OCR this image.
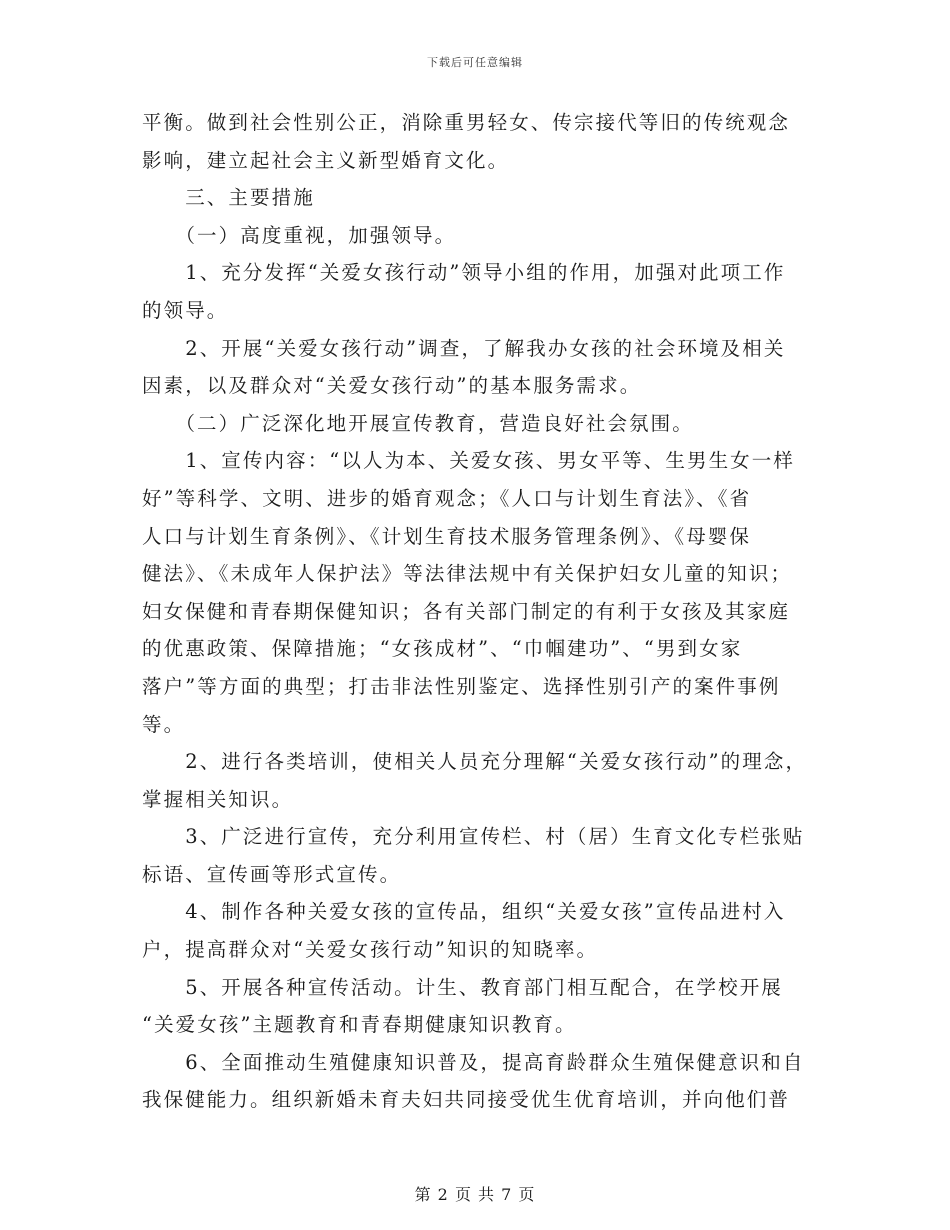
下载后可任意编辑
平衡。做到社会性别公正，消除重男轻女、传宗接代等旧的传统观念
影响，建立起社会主义新型婚育文化。
　　三、主要措施
　　（一）高度重视，加强领导。
　　1、充分发挥“关爱女孩行动”领导小组的作用，加强对此项工作
的领导。
　　2、开展“关爱女孩行动”调查，了解我办女孩的社会环境及相关
因素，以及群众对“关爱女孩行动”的基本服务需求。
　　（二）广泛深化地开展宣传教育，营造良好社会氛围。
　　1、宣传内容：“以人为本、关爱女孩、男女平等、生男生女一样
好”等科学、文明、进步的婚育观念；《人口与计划生育法》、《省
人口与计划生育条例》、《计划生育技术服务管理条例》、《母婴保
健法》、《未成年人保护法》等法律法规中有关保护妇女儿童的知识；
妇女保健和青春期保健知识；各有关部门制定的有利于女孩及其家庭
的优惠政策、保障措施；“女孩成材”、“巾帼建功”、“男到女家
落户”等方面的典型；打击非法性别鉴定、选择性别引产的案件事例
等。
　　2、进行各类培训，使相关人员充分理解“关爱女孩行动”的理念，
掌握相关知识。
　　3、广泛进行宣传，充分利用宣传栏、村（居）生育文化专栏张贴
标语、宣传画等形式宣传。
　　4、制作各种关爱女孩的宣传品，组织“关爱女孩”宣传品进村入
户，提高群众对“关爱女孩行动”知识的知晓率。
　　5、开展各种宣传活动。计生、教育部门相互配合，在学校开展
“关爱女孩”主题教育和青春期健康知识教育。
　　6、全面推动生殖健康知识普及，提高育龄群众生殖保健意识和自
我保健能力。组织新婚未育夫妇共同接受优生优育培训，并向他们普
第 2 页 共 7 页
